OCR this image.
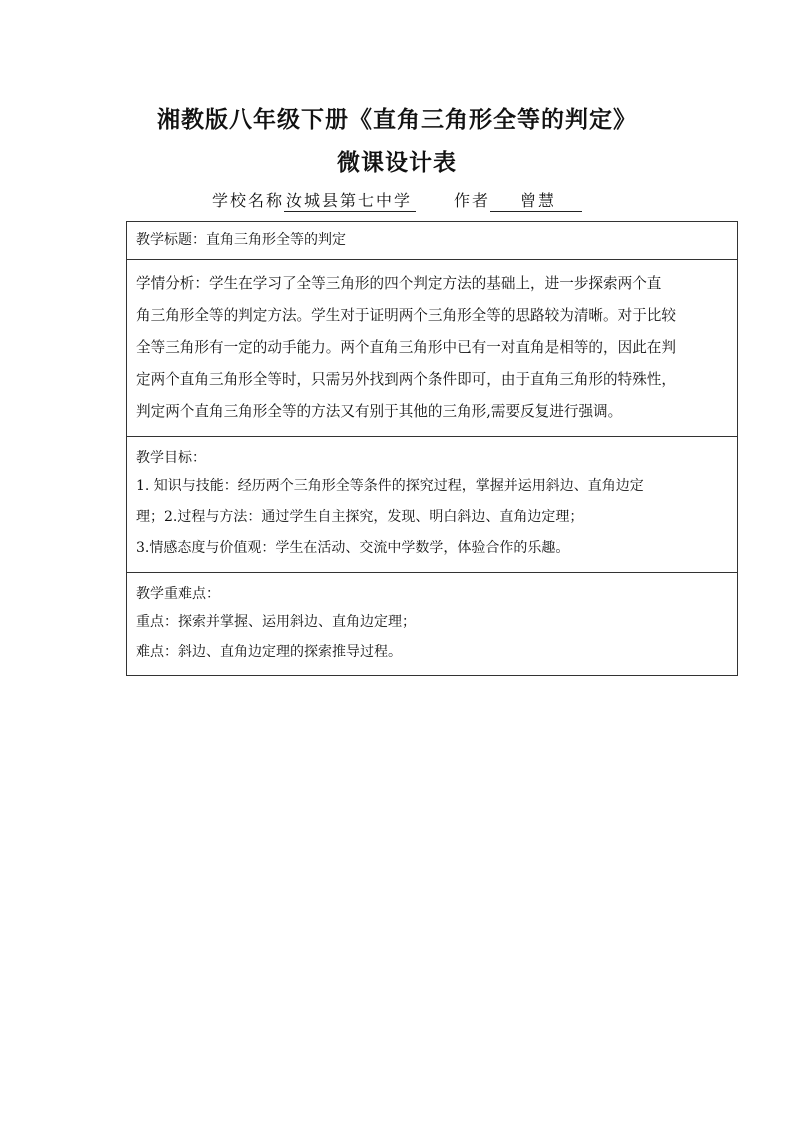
湘教版八年级下册《直角三角形全等的判定》
微课设计表
学校名称 汝城县第七中学	作者 曾慧
教学标题：直角三角形全等的判定

学情分析：学生在学习了全等三角形的四个判定方法的基础上，进一步探索两个直
角三角形全等的判定方法。学生对于证明两个三角形全等的思路较为清晰。对于比较
全等三角形有一定的动手能力。两个直角三角形中已有一对直角是相等的，因此在判
定两个直角三角形全等时，只需另外找到两个条件即可，由于直角三角形的特殊性，
判定两个直角三角形全等的方法又有别于其他的三角形,需要反复进行强调。

教学目标：
1. 知识与技能：经历两个三角形全等条件的探究过程，掌握并运用斜边、直角边定
理；2.过程与方法：通过学生自主探究，发现、明白斜边、直角边定理；
3.情感态度与价值观：学生在活动、交流中学数学，体验合作的乐趣。

教学重难点：
重点：探索并掌握、运用斜边、直角边定理；
难点：斜边、直角边定理的探索推导过程。
